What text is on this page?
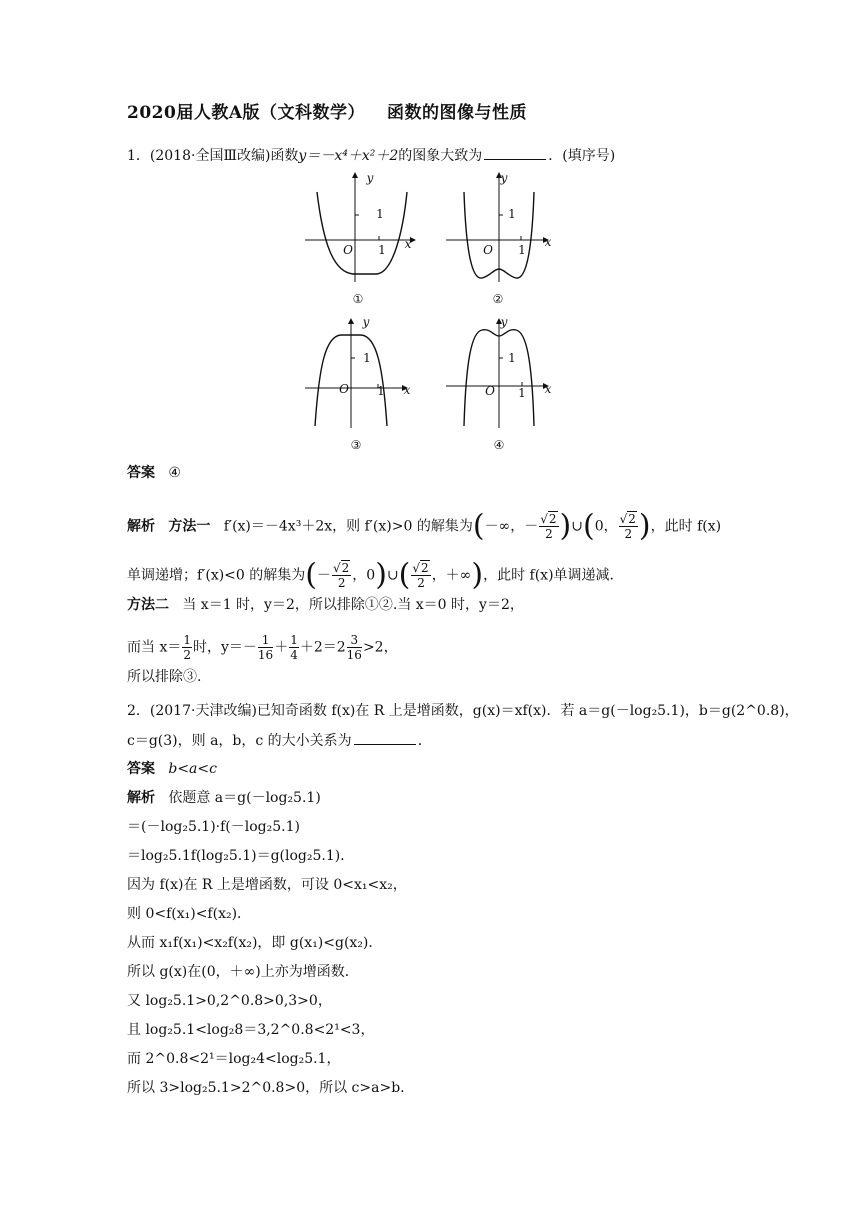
2020届人教A版（文科数学） 函数的图像与性质
1．(2018·全国Ⅲ改编)函数y＝－x⁴＋x²＋2的图象大致为	．(填序号)
y
1
O	1	x
①
y
1
O	1
x
②
y
1
O	1	x
③
y
1
O	1	x
④
答案 ④
解析 方法一 f′(x)＝－4x³＋2x，则 f′(x)>0 的解集为(－∞，－ $\frac{√2}{2}$ )∪(0， $\frac{√2}{2}$ )，此时 f(x)
单调递增；f′(x)<0 的解集为(－ $\frac{√2}{2}$ ，0)∪( $\frac{√2}{2}$ ，＋∞)，此时 f(x)单调递减．
方法二 当 x＝1 时，y＝2，所以排除①②.当 x＝0 时，y＝2，
而当 $x= \frac{1}{2}$ 时，$y=- \frac{1}{16} + \frac{1}{4} +2=2 \frac{3}{16} >2$，
所以排除③.
2．(2017·天津改编)已知奇函数 f(x)在 R 上是增函数，g(x)＝xf(x)．若 a＝g(－log₂5.1)，b＝g(2^0.8)，
c＝g(3)，则 a，b，c 的大小关系为	．
答案 b<a<c
解析 依题意 a＝g(－log₂5.1)
＝(－log₂5.1)·f(－log₂5.1)
＝log₂5.1f(log₂5.1)＝g(log₂5.1)．
因为 f(x)在 R 上是增函数，可设 0<x₁<x₂，
则 0<f(x₁)<f(x₂)．
从而 x₁f(x₁)<x₂f(x₂)，即 g(x₁)<g(x₂)．
所以 g(x)在(0，＋∞)上亦为增函数．
又 log₂5.1>0,2^0.8>0,3>0，
且 log₂5.1<log₂8＝3,2^0.8<2¹<3，
而 2^0.8<2¹＝log₂4<log₂5.1，
所以 3>log₂5.1>2^0.8>0，所以 c>a>b.
